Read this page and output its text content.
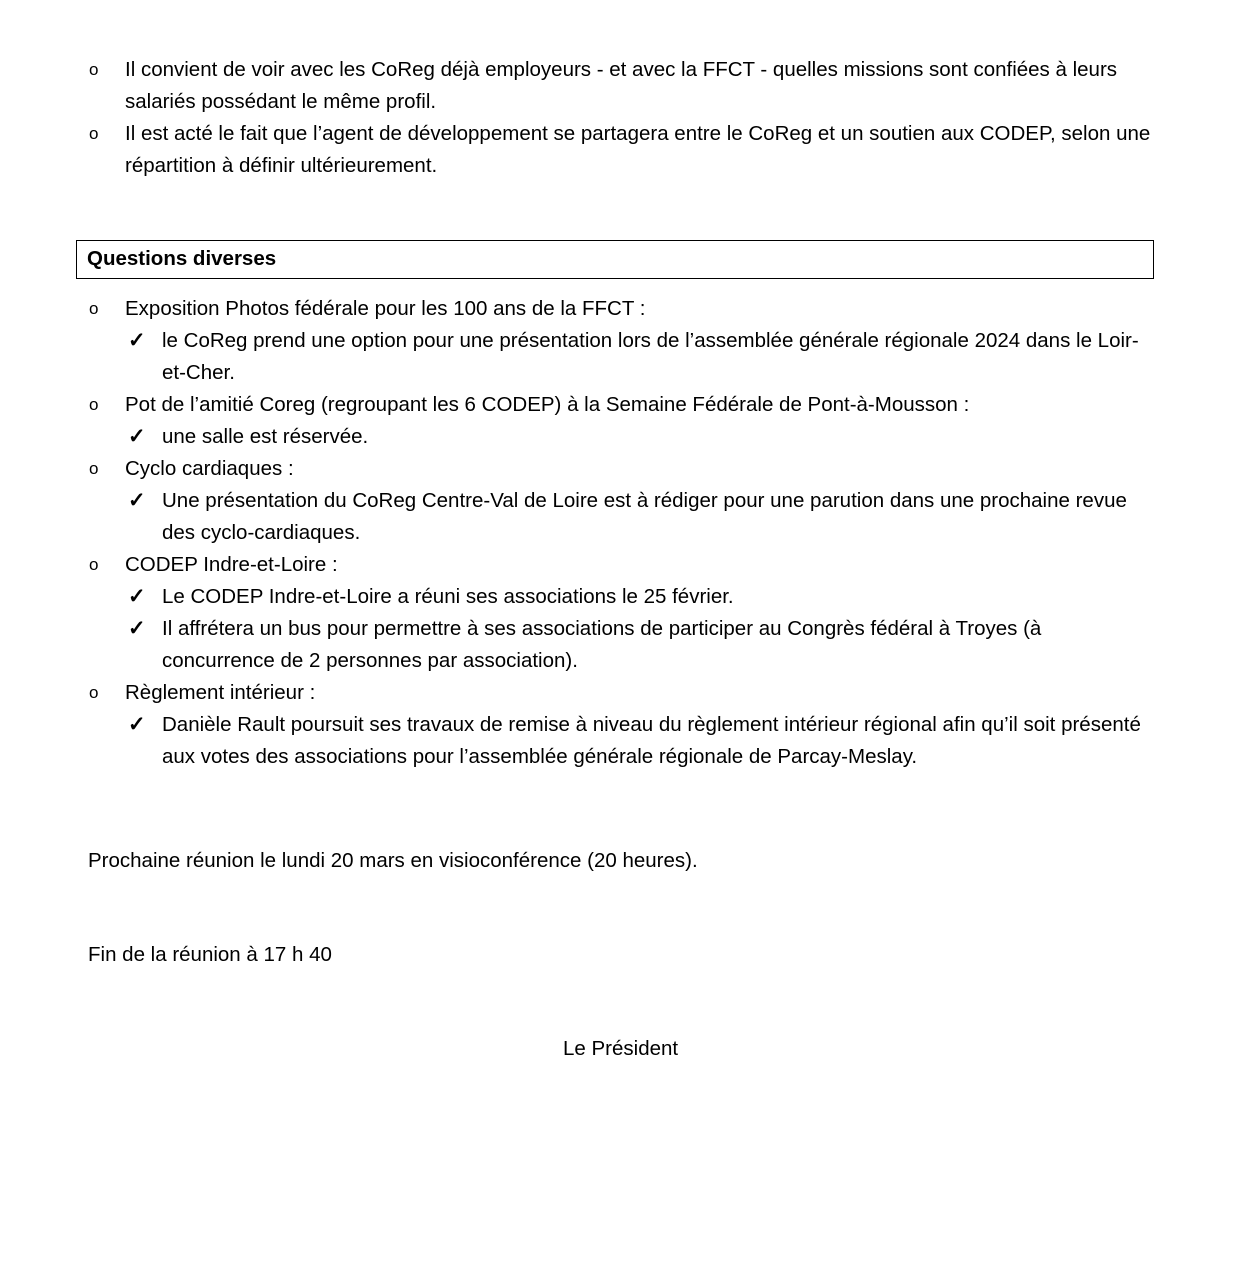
o	Il convient de voir avec les CoReg déjà employeurs - et avec la FFCT - quelles missions sont confiées à leurs salariés possédant le même profil.
o	Il est acté le fait que l’agent de développement se partagera entre le CoReg et un soutien aux CODEP, selon une répartition à définir ultérieurement.
Questions diverses
o	Exposition Photos fédérale pour les 100 ans de la FFCT :
✓ le CoReg prend une option pour une présentation lors de l’assemblée générale régionale 2024 dans le Loir-et-Cher.
o	Pot de l’amitié Coreg (regroupant les 6 CODEP) à la Semaine Fédérale de Pont-à-Mousson :
✓ une salle est réservée.
o	Cyclo cardiaques :
✓ Une présentation du CoReg Centre-Val de Loire est à rédiger pour une parution dans une prochaine revue des cyclo-cardiaques.
o	CODEP Indre-et-Loire :
✓ Le CODEP Indre-et-Loire a réuni ses associations le 25 février.
✓ Il affrétera un bus pour permettre à ses associations de participer au Congrès fédéral à Troyes (à concurrence de 2 personnes par association).
o	Règlement intérieur :
✓ Danièle Rault poursuit ses travaux de remise à niveau du règlement intérieur régional afin qu’il soit présenté aux votes des associations pour l’assemblée générale régionale de Parcay-Meslay.

Prochaine réunion le lundi 20 mars en visioconférence (20 heures).

Fin de la réunion à 17 h 40

Le Président
